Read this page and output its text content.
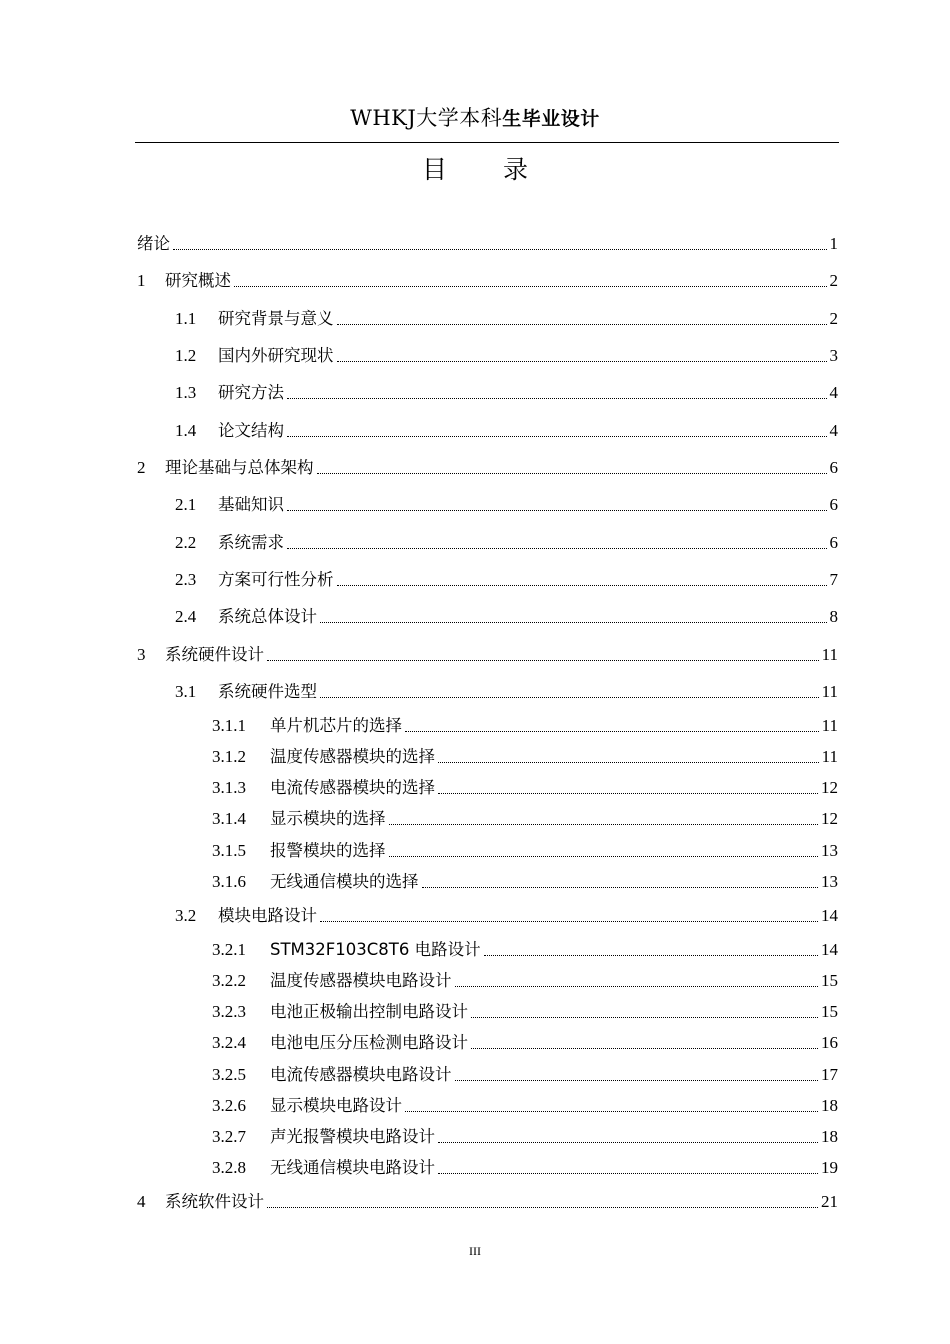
WHKJ大学本科生毕业设计
目 录
绪论	1
1	研究概述	2
1.1	研究背景与意义	2
1.2	国内外研究现状	3
1.3	研究方法	4
1.4	论文结构	4
2	理论基础与总体架构	6
2.1	基础知识	6
2.2	系统需求	6
2.3	方案可行性分析	7
2.4	系统总体设计	8
3	系统硬件设计	11
3.1	系统硬件选型	11
3.1.1	单片机芯片的选择	11
3.1.2	温度传感器模块的选择	11
3.1.3	电流传感器模块的选择	12
3.1.4	显示模块的选择	12
3.1.5	报警模块的选择	13
3.1.6	无线通信模块的选择	13
3.2	模块电路设计	14
3.2.1	STM32F103C8T6 电路设计	14
3.2.2	温度传感器模块电路设计	15
3.2.3	电池正极输出控制电路设计	15
3.2.4	电池电压分压检测电路设计	16
3.2.5	电流传感器模块电路设计	17
3.2.6	显示模块电路设计	18
3.2.7	声光报警模块电路设计	18
3.2.8	无线通信模块电路设计	19
4	系统软件设计	21
III
